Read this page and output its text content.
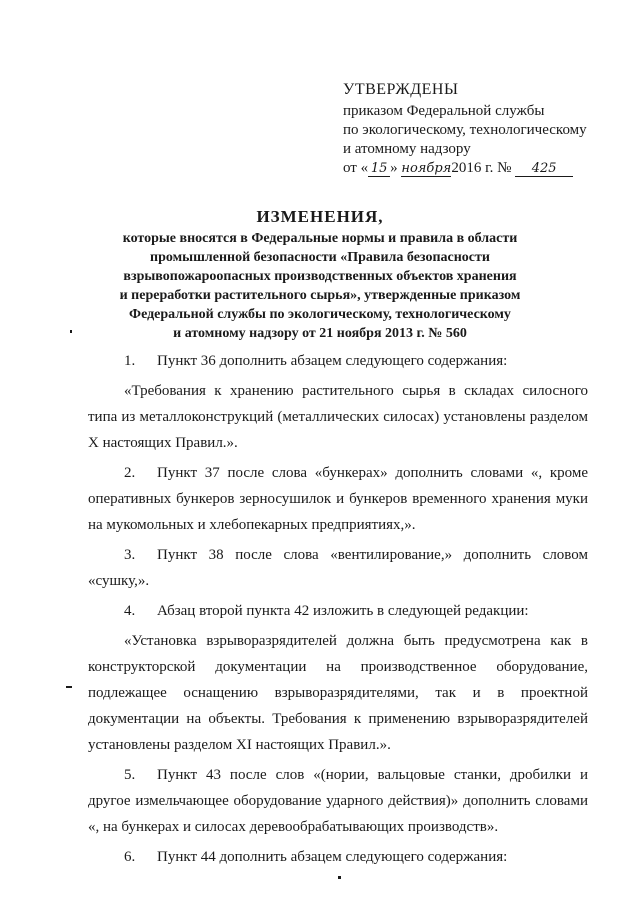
УТВЕРЖДЕНЫ
приказом Федеральной службы
по экологическому, технологическому
и атомному надзору
от « 15 » ноября2016 г. № 425
ИЗМЕНЕНИЯ,
которые вносятся в Федеральные нормы и правила в области
промышленной безопасности «Правила безопасности
взрывопожароопасных производственных объектов хранения
и переработки растительного сырья», утвержденные приказом
Федеральной службы по экологическому, технологическому
и атомному надзору от 21 ноября 2013 г. № 560

1. Пункт 36 дополнить абзацем следующего содержания:

«Требования к хранению растительного сырья в складах силосного типа из металлоконструкций (металлических силосах) установлены разделом X настоящих Правил.».

2. Пункт 37 после слова «бункерах» дополнить словами «, кроме оперативных бункеров зерносушилок и бункеров временного хранения муки на мукомольных и хлебопекарных предприятиях,».

3. Пункт 38 после слова «вентилирование,» дополнить словом «сушку,».

4. Абзац второй пункта 42 изложить в следующей редакции:

«Установка взрыворазрядителей должна быть предусмотрена как в конструкторской документации на производственное оборудование, подлежащее оснащению взрыворазрядителями, так и в проектной документации на объекты. Требования к применению взрыворазрядителей установлены разделом XI настоящих Правил.».

5. Пункт 43 после слов «(нории, вальцовые станки, дробилки и другое измельчающее оборудование ударного действия)» дополнить словами «, на бункерах и силосах деревообрабатывающих производств».

6. Пункт 44 дополнить абзацем следующего содержания:
